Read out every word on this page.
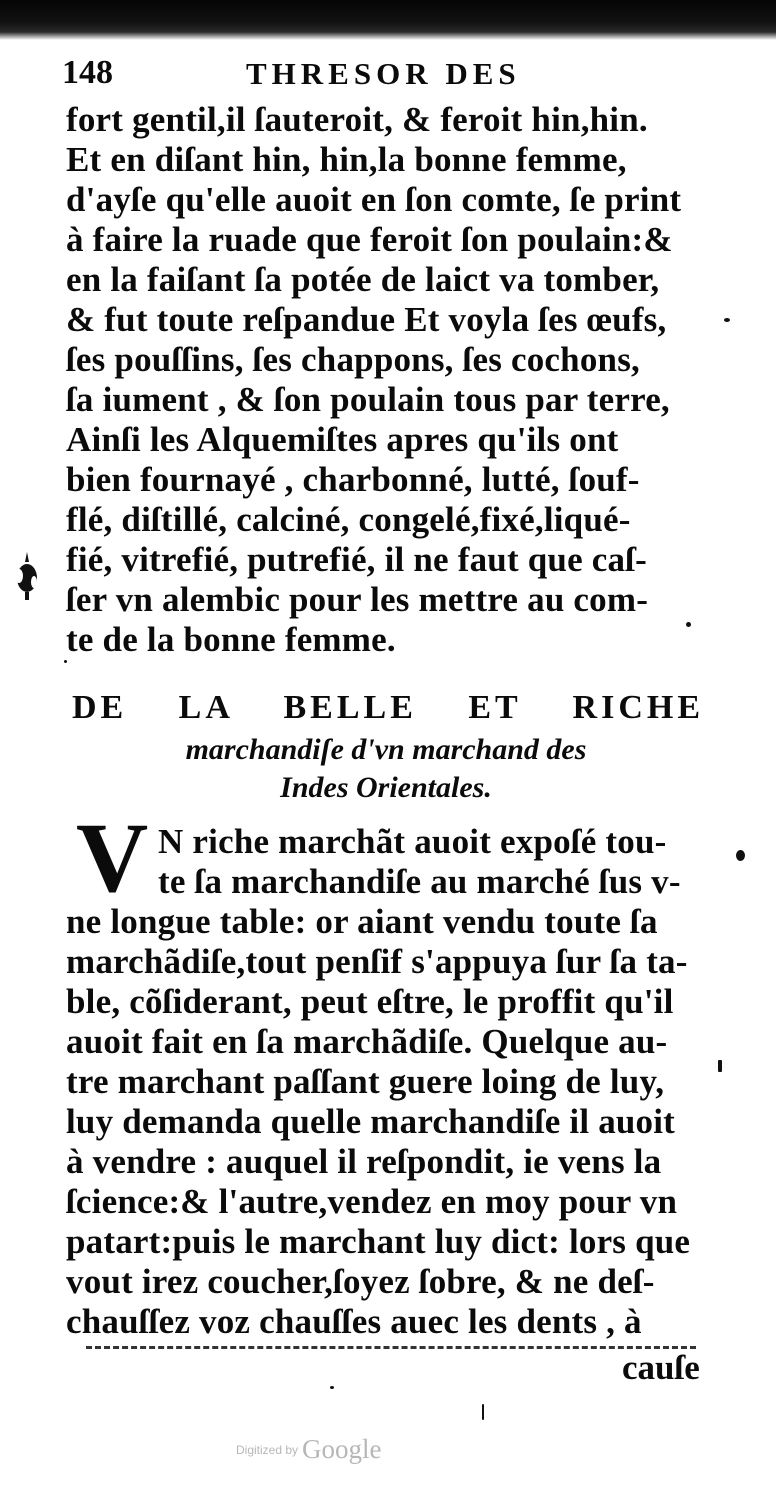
148	THRESOR DES
fort gentil,il ſauteroit, & feroit hin,hin.
Et en diſant hin, hin,la bonne femme,
d'ayſe qu'elle auoit en ſon comte, ſe print
à faire la ruade que feroit ſon poulain:&
en la faiſant ſa potée de laict va tomber,
& fut toute reſpandue Et voyla ſes œufs,
ſes pouſſins, ſes chappons, ſes cochons,
ſa iument , & ſon poulain tous par terre,
Ainſi les Alquemiſtes apres qu'ils ont
bien fournayé , charbonné, lutté, ſouf-
flé, diſtillé, calciné, congelé,fixé,liqué-
fié, vitrefié, putrefié, il ne faut que caſ-
ſer vn alembic pour les mettre au com-
te de la bonne femme.
DE LA BELLE ET RICHE
marchandiſe d'vn marchand des
Indes Orientales.
V N riche marchãt auoit expoſé tou-
te ſa marchandiſe au marché ſus v-
ne longue table: or aiant vendu toute ſa
marchãdiſe,tout penſif s'appuya ſur ſa ta-
ble, cõſiderant, peut eſtre, le proffit qu'il
auoit fait en ſa marchãdiſe. Quelque au-
tre marchant paſſant guere loing de luy,
luy demanda quelle marchandiſe il auoit
à vendre : auquel il reſpondit, ie vens la
ſcience:& l'autre,vendez en moy pour vn
patart:puis le marchant luy dict: lors que
vout irez coucher,ſoyez ſobre, & ne deſ-
chauſſez voz chauſſes auec les dents , à
cauſe
$^{Digitized by}$ Google
